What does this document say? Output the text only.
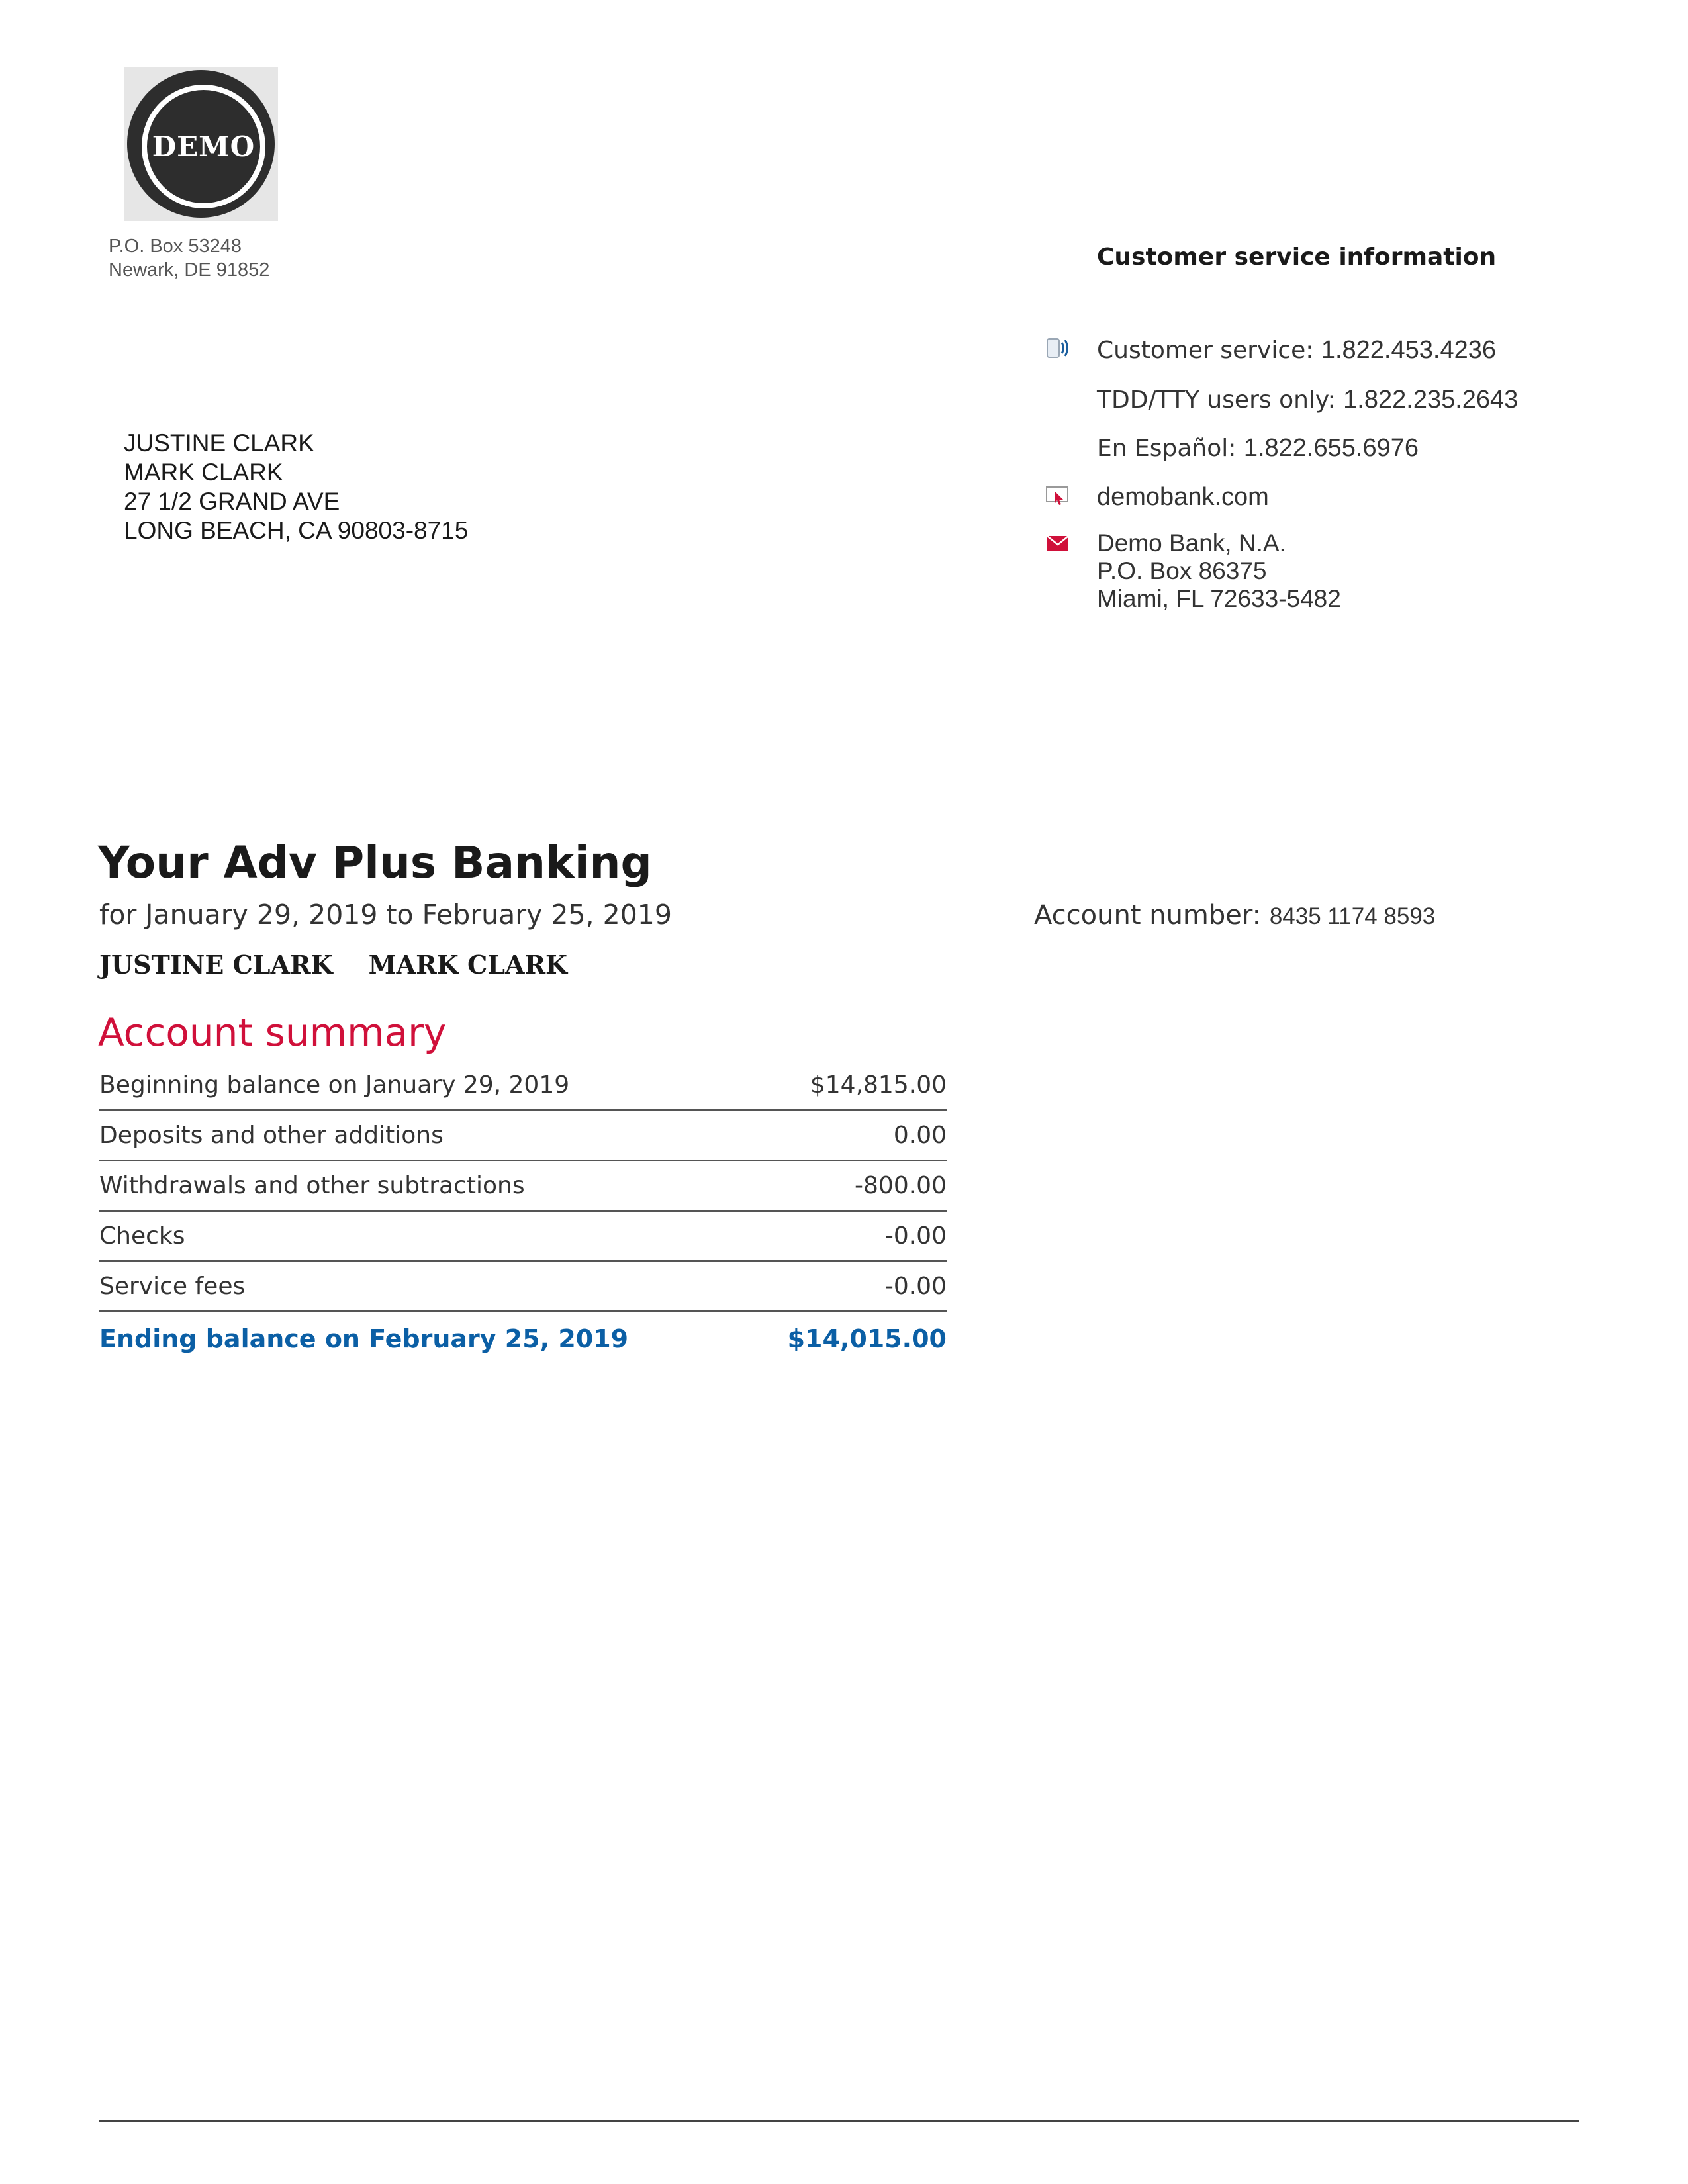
DEMO
P.O. Box 53248
Newark, DE 91852
JUSTINE CLARK
MARK CLARK
27 1/2 GRAND AVE
LONG BEACH, CA 90803-8715
Customer service information
Customer service: 1.822.453.4236
TDD/TTY users only: 1.822.235.2643
En Español: 1.822.655.6976
demobank.com
Demo Bank, N.A.
P.O. Box 86375
Miami, FL 72633-5482
Your Adv Plus Banking
for January 29, 2019 to February 25, 2019	Account number: 8435 1174 8593
JUSTINE CLARK MARK CLARK
Account summary
Beginning balance on January 29, 2019	$14,815.00
Deposits and other additions	0.00
Withdrawals and other subtractions	-800.00
Checks	-0.00
Service fees	-0.00
Ending balance on February 25, 2019	$14,015.00
